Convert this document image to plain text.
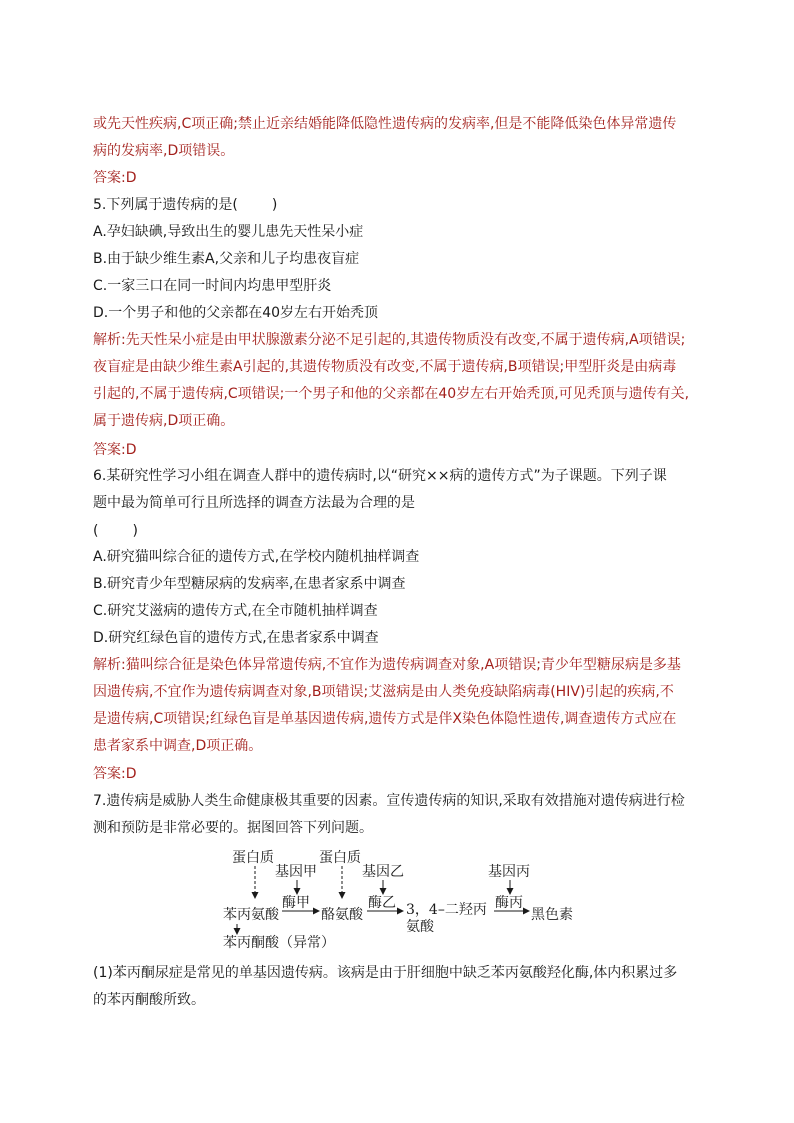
或先天性疾病,C项正确;禁止近亲结婚能降低隐性遗传病的发病率,但是不能降低染色体异常遗传
病的发病率,D项错误。
答案:D
5.下列属于遗传病的是( )
A.孕妇缺碘,导致出生的婴儿患先天性呆小症
B.由于缺少维生素A,父亲和儿子均患夜盲症
C.一家三口在同一时间内均患甲型肝炎
D.一个男子和他的父亲都在40岁左右开始秃顶
解析:先天性呆小症是由甲状腺激素分泌不足引起的,其遗传物质没有改变,不属于遗传病,A项错误;
夜盲症是由缺少维生素A引起的,其遗传物质没有改变,不属于遗传病,B项错误;甲型肝炎是由病毒
引起的,不属于遗传病,C项错误;一个男子和他的父亲都在40岁左右开始秃顶,可见秃顶与遗传有关,
属于遗传病,D项正确。
答案:D
6.某研究性学习小组在调查人群中的遗传病时,以“研究××病的遗传方式”为子课题。下列子课
题中最为简单可行且所选择的调查方法最为合理的是
( )
A.研究猫叫综合征的遗传方式,在学校内随机抽样调查
B.研究青少年型糖尿病的发病率,在患者家系中调查
C.研究艾滋病的遗传方式,在全市随机抽样调查
D.研究红绿色盲的遗传方式,在患者家系中调查
解析:猫叫综合征是染色体异常遗传病,不宜作为遗传病调查对象,A项错误;青少年型糖尿病是多基
因遗传病,不宜作为遗传病调查对象,B项错误;艾滋病是由人类免疫缺陷病毒(HIV)引起的疾病,不
是遗传病,C项错误;红绿色盲是单基因遗传病,遗传方式是伴X染色体隐性遗传,调查遗传方式应在
患者家系中调查,D项正确。
答案:D
7.遗传病是威胁人类生命健康极其重要的因素。宣传遗传病的知识,采取有效措施对遗传病进行检
测和预防是非常必要的。据图回答下列问题。
蛋白质	蛋白质
基因甲	基因乙	基因丙
酶甲	酶乙	酶丙
苯丙氨酸	酪氨酸	3，4–二羟丙
氨酸
黑色素
苯丙酮酸（异常）
(1)苯丙酮尿症是常见的单基因遗传病。该病是由于肝细胞中缺乏苯丙氨酸羟化酶,体内积累过多
的苯丙酮酸所致。
